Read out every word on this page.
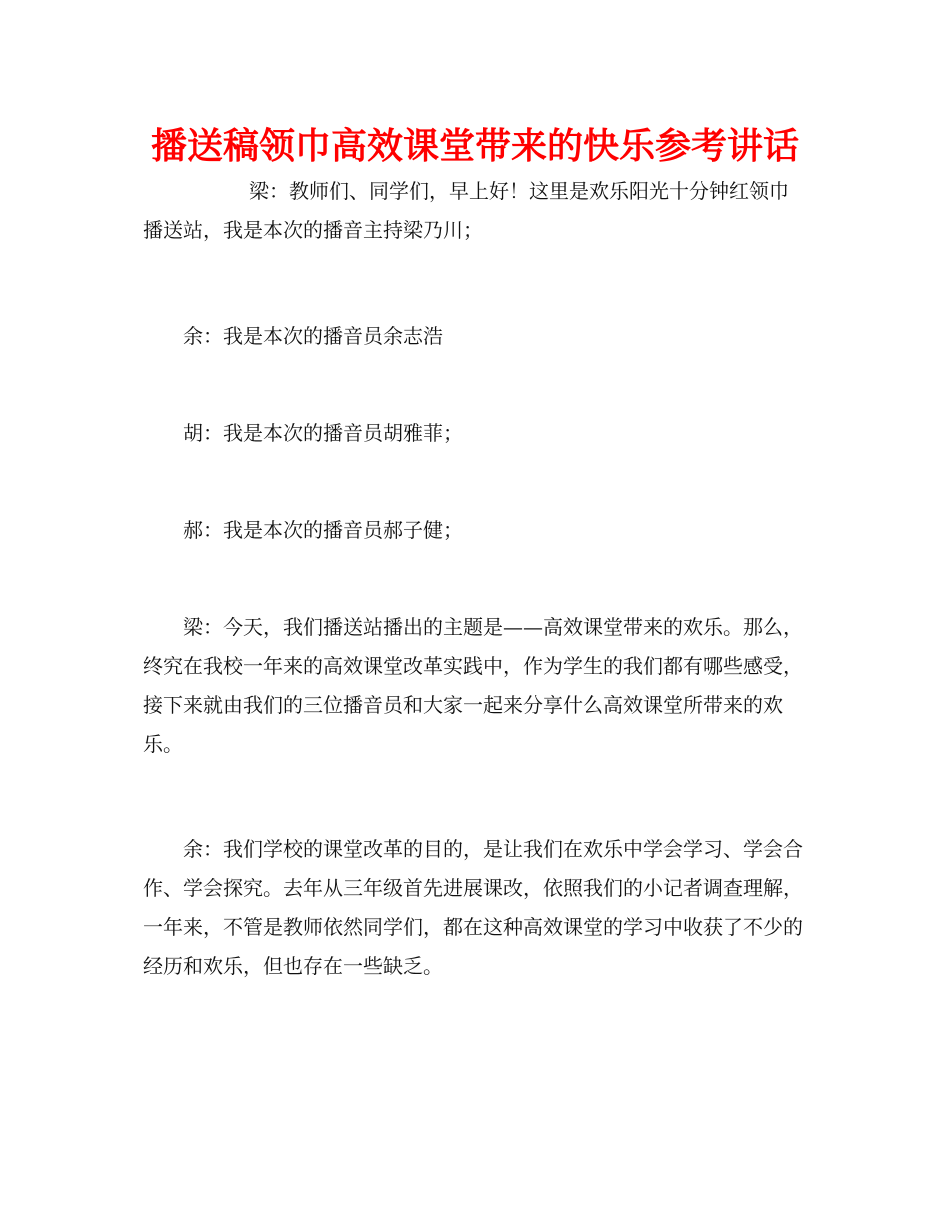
播送稿领巾高效课堂带来的快乐参考讲话

梁：教师们、同学们，早上好！这里是欢乐阳光十分钟红领巾播送站，我是本次的播音主持梁乃川；

余：我是本次的播音员余志浩

胡：我是本次的播音员胡雅菲；

郝：我是本次的播音员郝子健；

梁：今天，我们播送站播出的主题是——高效课堂带来的欢乐。那么，终究在我校一年来的高效课堂改革实践中，作为学生的我们都有哪些感受，接下来就由我们的三位播音员和大家一起来分享什么高效课堂所带来的欢乐。

余：我们学校的课堂改革的目的，是让我们在欢乐中学会学习、学会合作、学会探究。去年从三年级首先进展课改，依照我们的小记者调查理解，一年来，不管是教师依然同学们，都在这种高效课堂的学习中收获了不少的经历和欢乐，但也存在一些缺乏。
